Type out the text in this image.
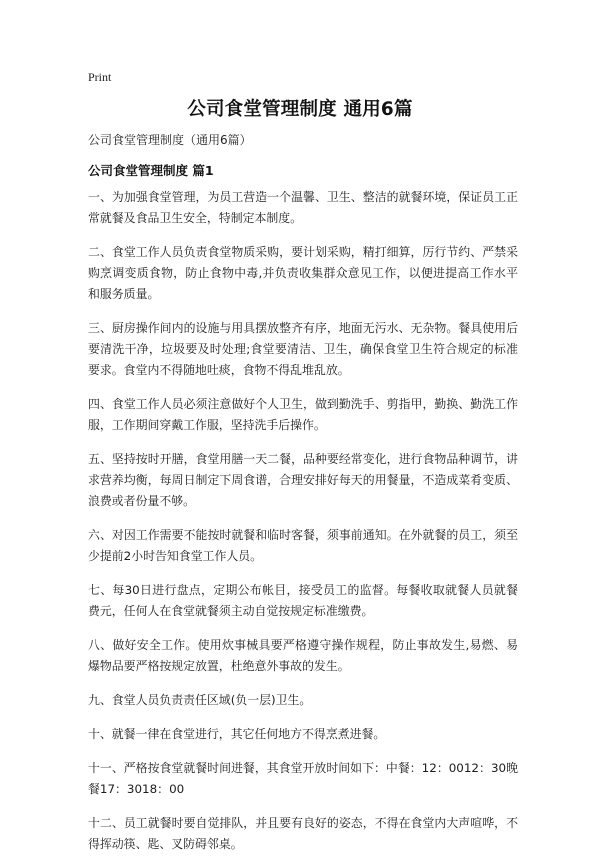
Print
公司食堂管理制度 通用6篇
公司食堂管理制度（通用6篇）
公司食堂管理制度 篇1

一、为加强食堂管理，为员工营造一个温馨、卫生、整洁的就餐环境，保证员工正常就餐及食品卫生安全，特制定本制度。

二、食堂工作人员负责食堂物质采购，要计划采购，精打细算，厉行节约、严禁采购烹调变质食物，防止食物中毒,并负责收集群众意见工作，以便进提高工作水平和服务质量。

三、厨房操作间内的设施与用具摆放整齐有序，地面无污水、无杂物。餐具使用后要清洗干净，垃圾要及时处理;食堂要清洁、卫生，确保食堂卫生符合规定的标准要求。食堂内不得随地吐痰，食物不得乱堆乱放。

四、食堂工作人员必须注意做好个人卫生，做到勤洗手、剪指甲，勤换、勤洗工作服，工作期间穿戴工作服，坚持洗手后操作。

五、坚持按时开膳，食堂用膳一天二餐，品种要经常变化，进行食物品种调节，讲求营养均衡，每周日制定下周食谱，合理安排好每天的用餐量，不造成菜肴变质、浪费或者份量不够。

六、对因工作需要不能按时就餐和临时客餐，须事前通知。在外就餐的员工，须至少提前2小时告知食堂工作人员。

七、每30日进行盘点，定期公布帐目，接受员工的监督。每餐收取就餐人员就餐费元，任何人在食堂就餐须主动自觉按规定标准缴费。

八、做好安全工作。使用炊事械具要严格遵守操作规程，防止事故发生,易燃、易爆物品要严格按规定放置，杜绝意外事故的发生。

九、食堂人员负责责任区域(负一层)卫生。

十、就餐一律在食堂进行，其它任何地方不得烹煮进餐。

十一、严格按食堂就餐时间进餐，其食堂开放时间如下：中餐：12：0012：30晚餐17：3018：00

十二、员工就餐时要自觉排队，并且要有良好的姿态，不得在食堂内大声喧哗，不得挥动筷、匙、叉防碍邻桌。
